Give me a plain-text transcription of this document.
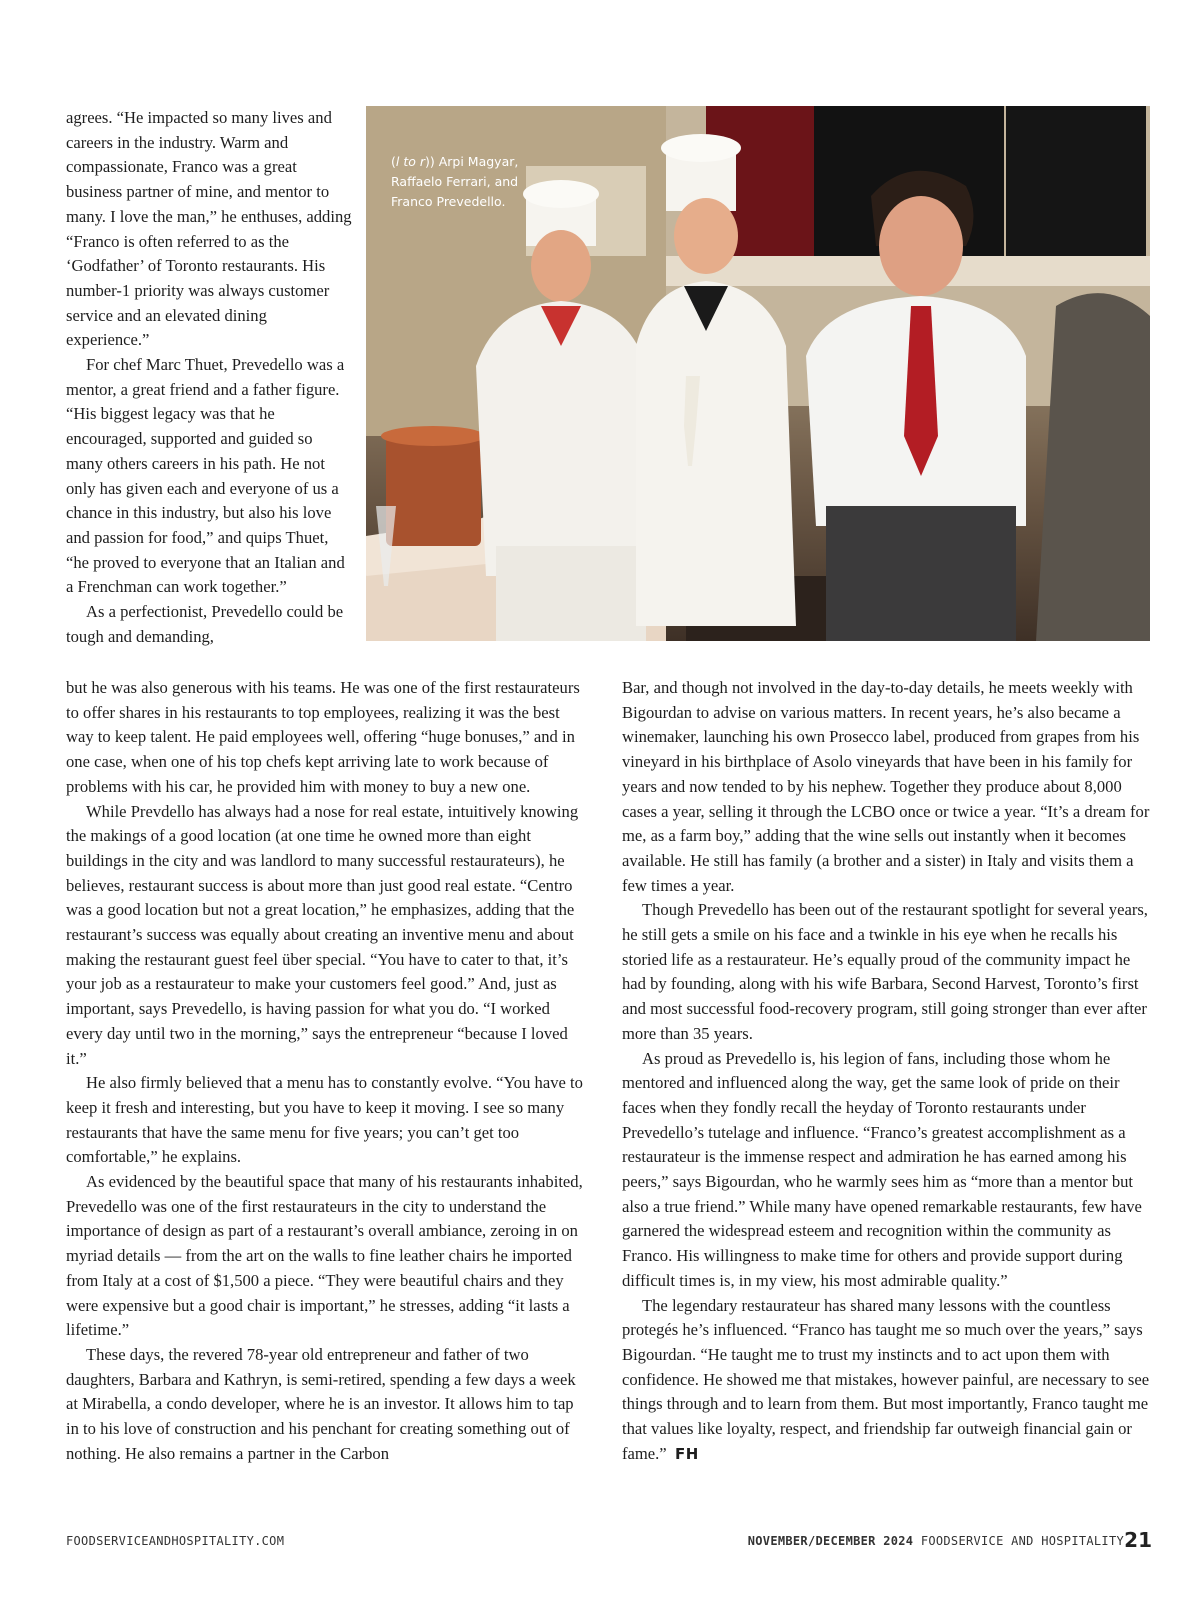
agrees. “He impacted so many lives and careers in the industry. Warm and compassionate, Franco was a great business partner of mine, and mentor to many. I love the man,” he enthuses, adding “Franco is often referred to as the ‘Godfather’ of Toronto restaurants. His number-1 priority was always customer service and an elevated dining experience.”

For chef Marc Thuet, Prevedello was a mentor, a great friend and a father figure. “His biggest legacy was that he encouraged, supported and guided so many others careers in his path. He not only has given each and everyone of us a chance in this industry, but also his love and passion for food,” and quips Thuet, “he proved to everyone that an Italian and a Frenchman can work together.”

As a perfectionist, Prevedello could be tough and demanding,

(l to r)) Arpi Magyar, Raffaelo Ferrari, and Franco Prevedello.

but he was also generous with his teams. He was one of the first restaurateurs to offer shares in his restaurants to top employees, realizing it was the best way to keep talent. He paid employees well, offering “huge bonuses,” and in one case, when one of his top chefs kept arriving late to work because of problems with his car, he provided him with money to buy a new one.

While Prevdello has always had a nose for real estate, intuitively knowing the makings of a good location (at one time he owned more than eight buildings in the city and was landlord to many successful restaurateurs), he believes, restaurant success is about more than just good real estate. “Centro was a good location but not a great location,” he emphasizes, adding that the restaurant’s success was equally about creating an inventive menu and about making the restaurant guest feel über special. “You have to cater to that, it’s your job as a restaurateur to make your customers feel good.” And, just as important, says Prevedello, is having passion for what you do. “I worked every day until two in the morning,” says the entrepreneur “because I loved it.”

He also firmly believed that a menu has to constantly evolve. “You have to keep it fresh and interesting, but you have to keep it moving. I see so many restaurants that have the same menu for five years; you can’t get too comfortable,” he explains.

As evidenced by the beautiful space that many of his restaurants inhabited, Prevedello was one of the first restaurateurs in the city to understand the importance of design as part of a restaurant’s overall ambiance, zeroing in on myriad details — from the art on the walls to fine leather chairs he imported from Italy at a cost of $1,500 a piece. “They were beautiful chairs and they were expensive but a good chair is important,” he stresses, adding “it lasts a lifetime.”

These days, the revered 78-year old entrepreneur and father of two daughters, Barbara and Kathryn, is semi-retired, spending a few days a week at Mirabella, a condo developer, where he is an investor. It allows him to tap in to his love of construction and his penchant for creating something out of nothing. He also remains a partner in the Carbon

Bar, and though not involved in the day-to-day details, he meets weekly with Bigourdan to advise on various matters. In recent years, he’s also became a winemaker, launching his own Prosecco label, produced from grapes from his vineyard in his birthplace of Asolo vineyards that have been in his family for years and now tended to by his nephew. Together they produce about 8,000 cases a year, selling it through the LCBO once or twice a year. “It’s a dream for me, as a farm boy,” adding that the wine sells out instantly when it becomes available. He still has family (a brother and a sister) in Italy and visits them a few times a year.

Though Prevedello has been out of the restaurant spotlight for several years, he still gets a smile on his face and a twinkle in his eye when he recalls his storied life as a restaurateur. He’s equally proud of the community impact he had by founding, along with his wife Barbara, Second Harvest, Toronto’s first and most successful food-recovery program, still going stronger than ever after more than 35 years.

As proud as Prevedello is, his legion of fans, including those whom he mentored and influenced along the way, get the same look of pride on their faces when they fondly recall the heyday of Toronto restaurants under Prevedello’s tutelage and influence. “Franco’s greatest accomplishment as a restaurateur is the immense respect and admiration he has earned among his peers,” says Bigourdan, who he warmly sees him as “more than a mentor but also a true friend.” While many have opened remarkable restaurants, few have garnered the widespread esteem and recognition within the community as Franco. His willingness to make time for others and provide support during difficult times is, in my view, his most admirable quality.”

The legendary restaurateur has shared many lessons with the countless protegés he’s influenced. “Franco has taught me so much over the years,” says Bigourdan. “He taught me to trust my instincts and to act upon them with confidence. He showed me that mistakes, however painful, are necessary to see things through and to learn from them. But most importantly, Franco taught me that values like loyalty, respect, and friendship far outweigh financial gain or fame.” FH

FOODSERVICEANDHOSPITALITY.COM	NOVEMBER/DECEMBER 2024 FOODSERVICE AND HOSPITALITY 21
